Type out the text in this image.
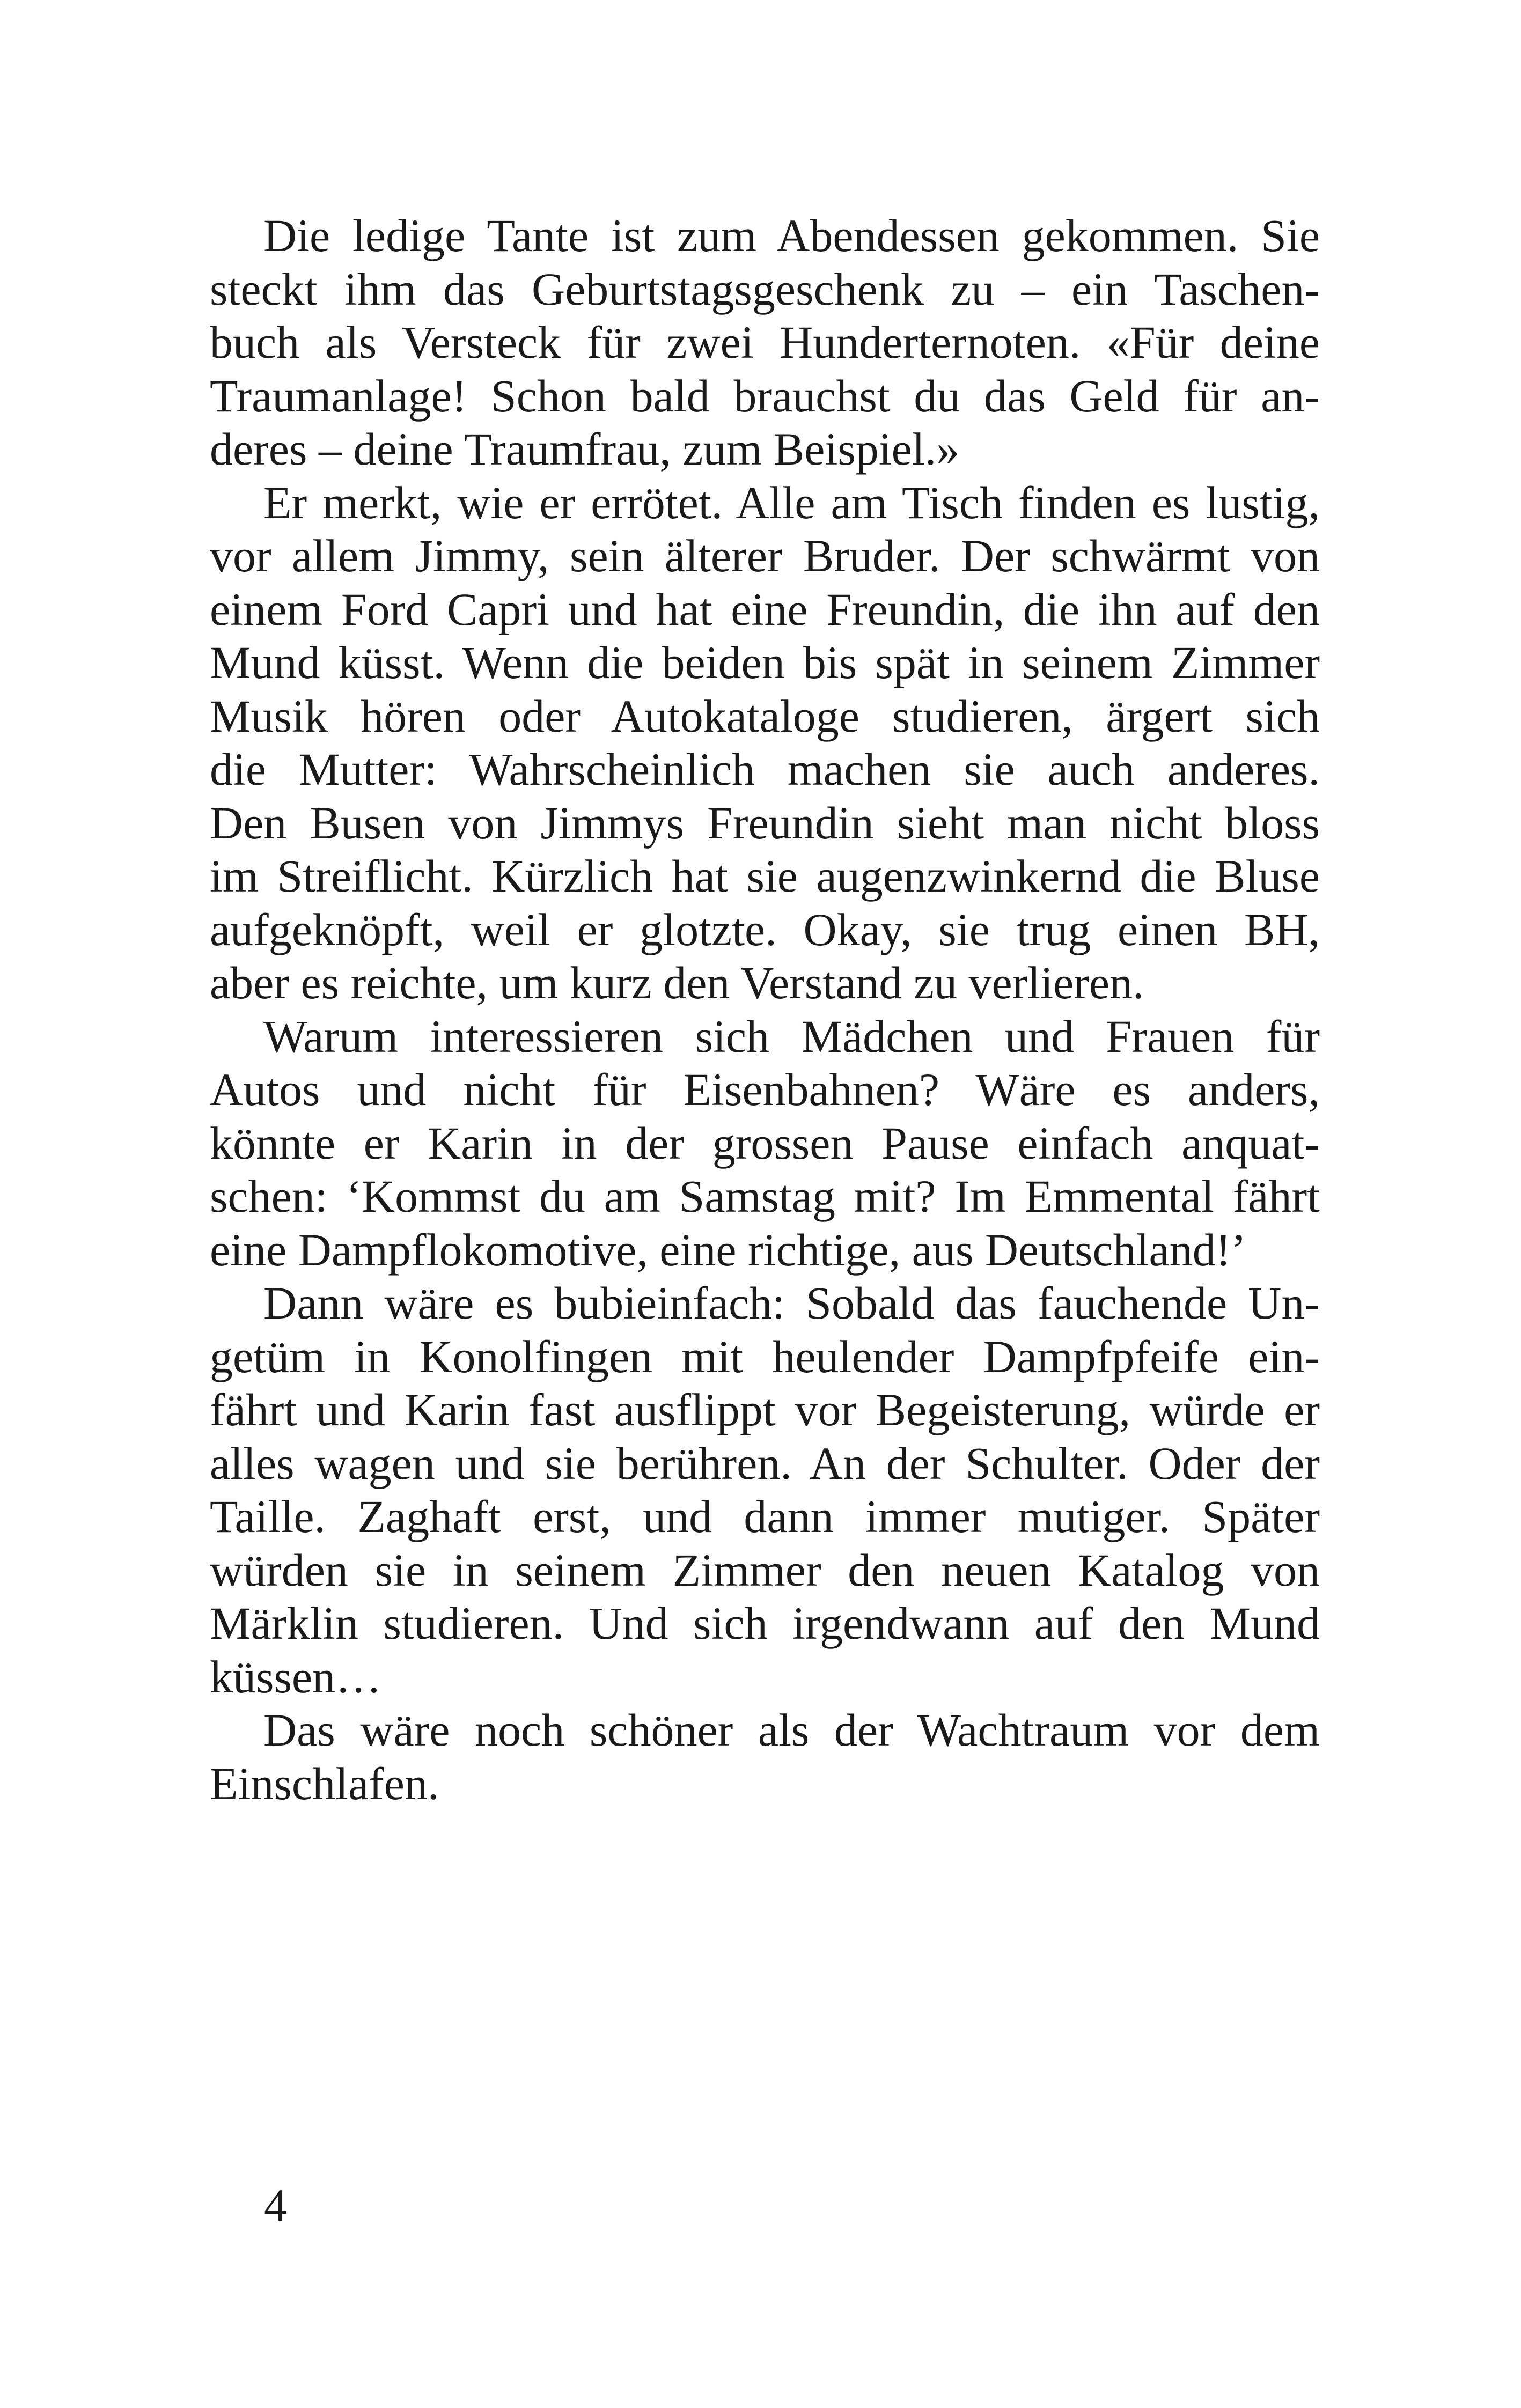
Die ledige Tante ist zum Abendessen gekommen. Sie
steckt ihm das Geburtstagsgeschenk zu – ein Taschen-
buch als Versteck für zwei Hunderternoten. «Für deine
Traumanlage! Schon bald brauchst du das Geld für an-
deres – deine Traumfrau, zum Beispiel.»
Er merkt, wie er errötet. Alle am Tisch finden es lustig,
vor allem Jimmy, sein älterer Bruder. Der schwärmt von
einem Ford Capri und hat eine Freundin, die ihn auf den
Mund küsst. Wenn die beiden bis spät in seinem Zimmer
Musik hören oder Autokataloge studieren, ärgert sich
die Mutter: Wahrscheinlich machen sie auch anderes.
Den Busen von Jimmys Freundin sieht man nicht bloss
im Streiflicht. Kürzlich hat sie augenzwinkernd die Bluse
aufgeknöpft, weil er glotzte. Okay, sie trug einen BH,
aber es reichte, um kurz den Verstand zu verlieren.
Warum interessieren sich Mädchen und Frauen für
Autos und nicht für Eisenbahnen? Wäre es anders,
könnte er Karin in der grossen Pause einfach anquat-
schen: ‘Kommst du am Samstag mit? Im Emmental fährt
eine Dampflokomotive, eine richtige, aus Deutschland!’
Dann wäre es bubieinfach: Sobald das fauchende Un-
getüm in Konolfingen mit heulender Dampfpfeife ein-
fährt und Karin fast ausflippt vor Begeisterung, würde er
alles wagen und sie berühren. An der Schulter. Oder der
Taille. Zaghaft erst, und dann immer mutiger. Später
würden sie in seinem Zimmer den neuen Katalog von
Märklin studieren. Und sich irgendwann auf den Mund
küssen…
Das wäre noch schöner als der Wachtraum vor dem
Einschlafen.
4
